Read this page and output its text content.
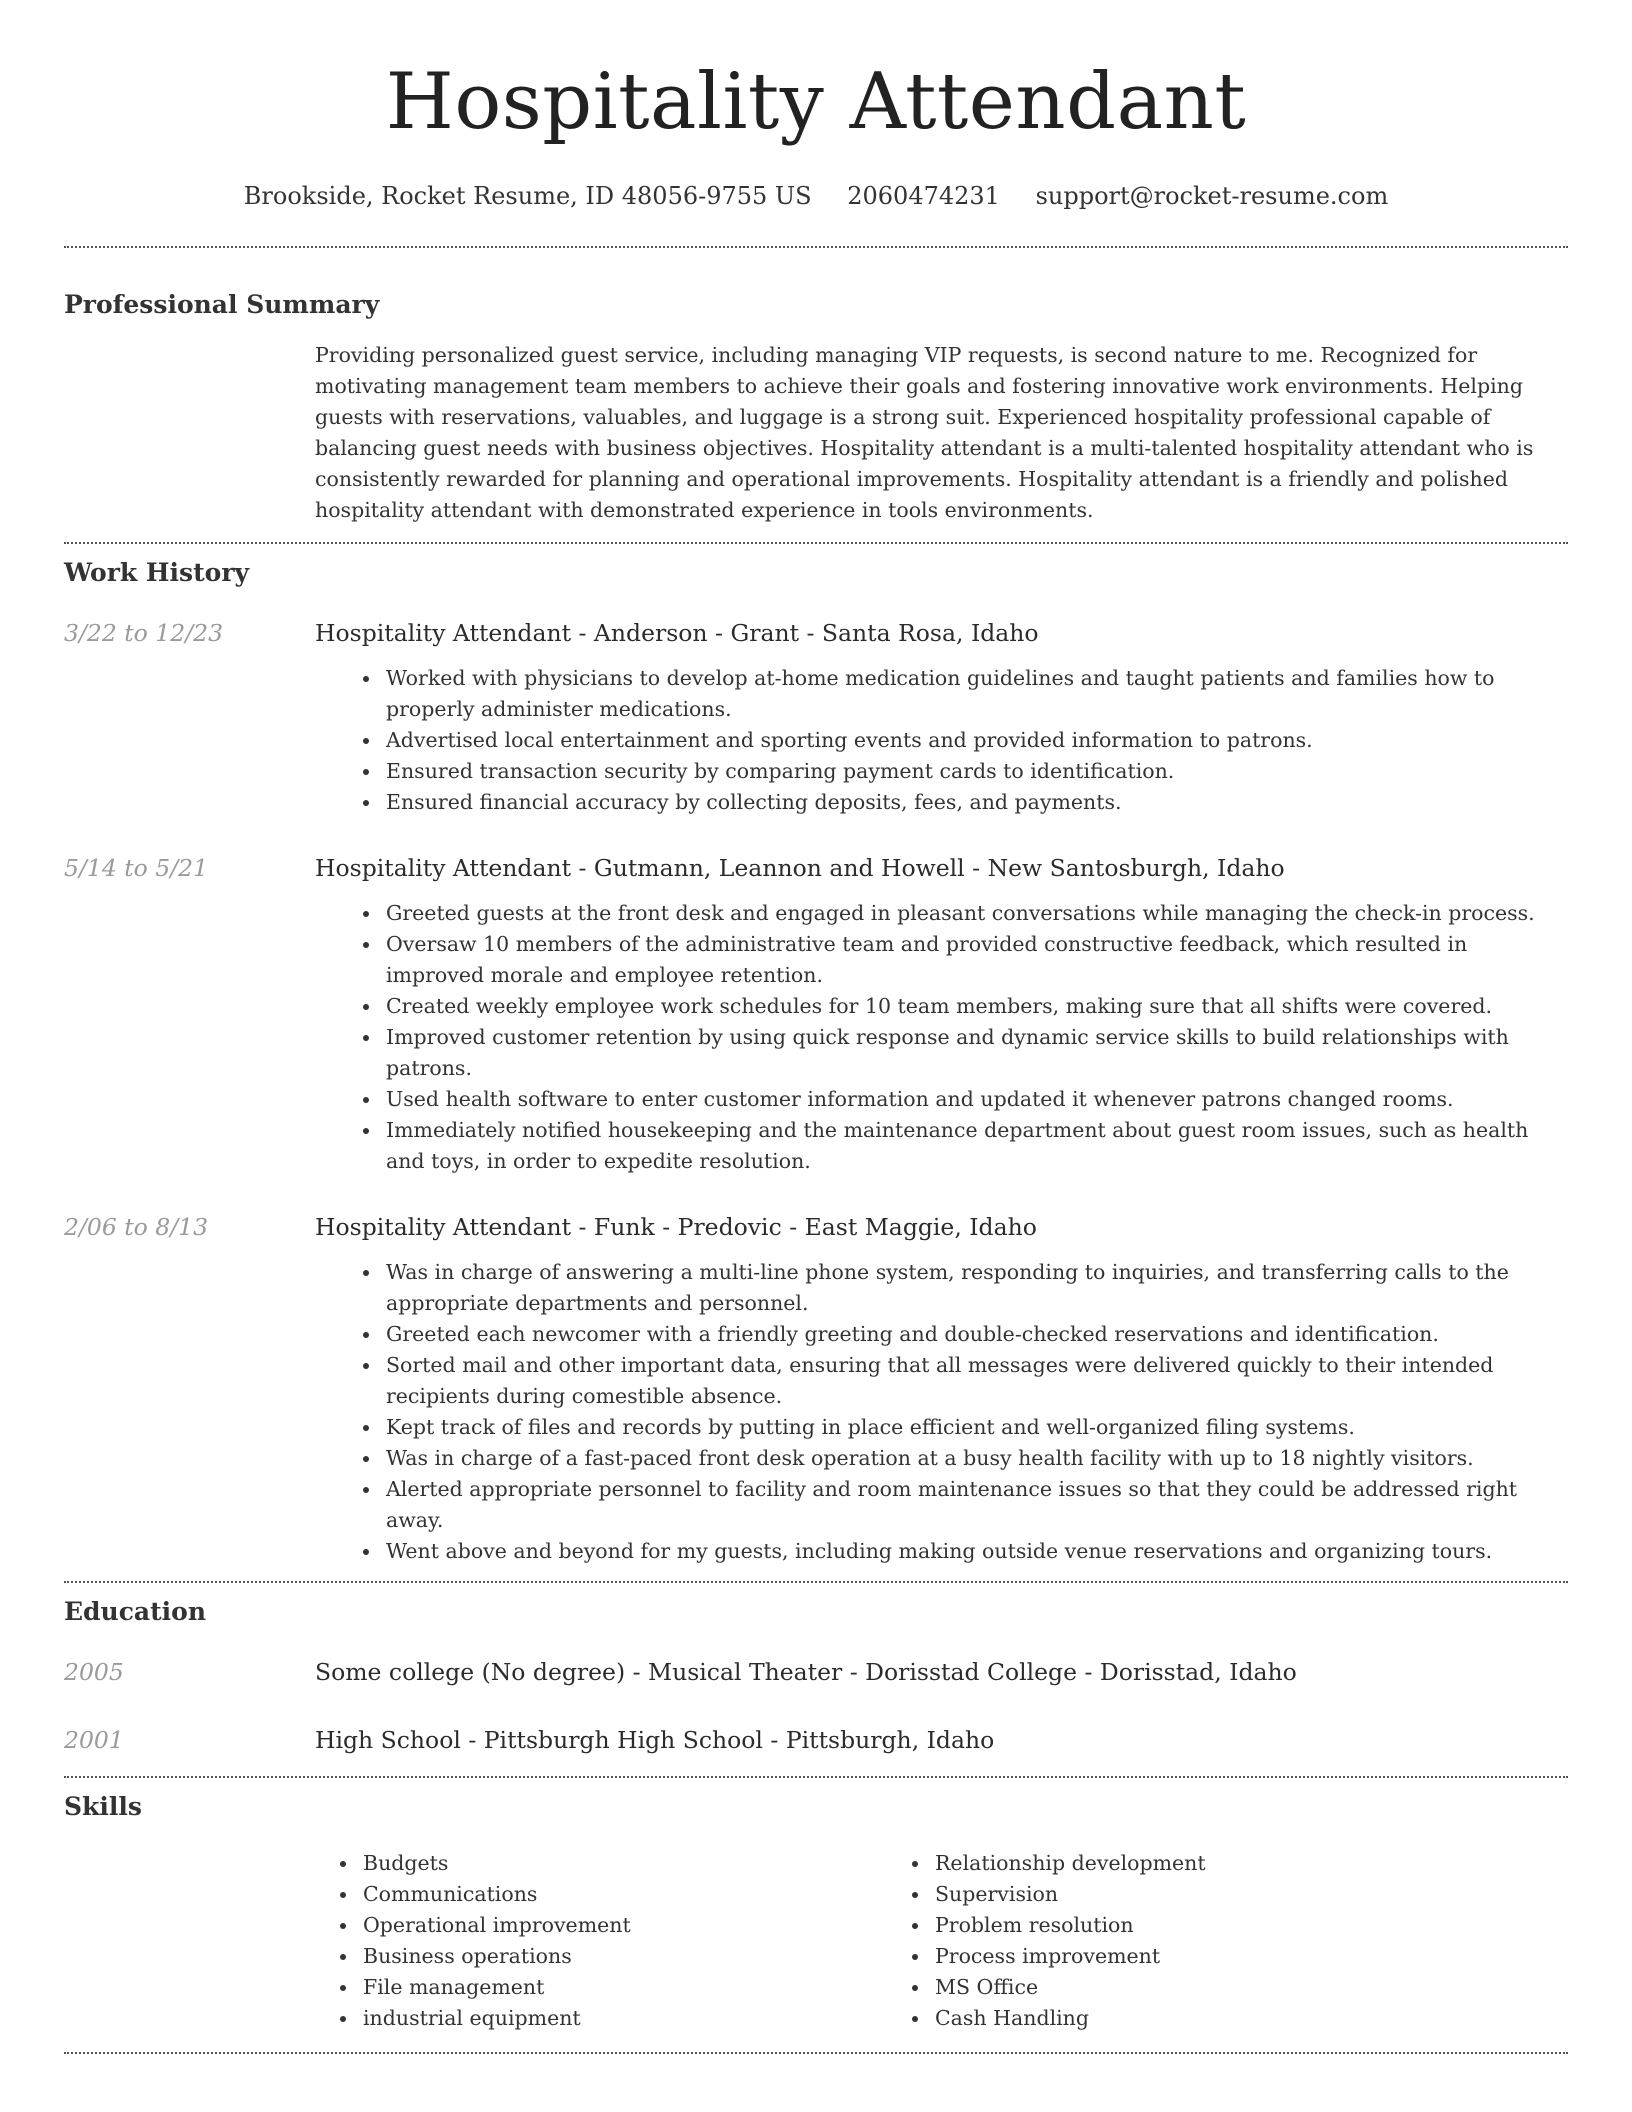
Hospitality Attendant
Brookside, Rocket Resume, ID 48056-9755 US 2060474231 support@rocket-resume.com
Professional Summary

Providing personalized guest service, including managing VIP requests, is second nature to me. Recognized for motivating management team members to achieve their goals and fostering innovative work environments. Helping guests with reservations, valuables, and luggage is a strong suit. Experienced hospitality professional capable of balancing guest needs with business objectives. Hospitality attendant is a multi-talented hospitality attendant who is consistently rewarded for planning and operational improvements. Hospitality attendant is a friendly and polished hospitality attendant with demonstrated experience in tools environments.

Work History
3/22 to 12/23	Hospitality Attendant - Anderson - Grant - Santa Rosa, Idaho
• Worked with physicians to develop at-home medication guidelines and taught patients and families how to properly administer medications.
• Advertised local entertainment and sporting events and provided information to patrons.
• Ensured transaction security by comparing payment cards to identification.
• Ensured financial accuracy by collecting deposits, fees, and payments.
5/14 to 5/21	Hospitality Attendant - Gutmann, Leannon and Howell - New Santosburgh, Idaho
• Greeted guests at the front desk and engaged in pleasant conversations while managing the check-in process.
• Oversaw 10 members of the administrative team and provided constructive feedback, which resulted in improved morale and employee retention.
• Created weekly employee work schedules for 10 team members, making sure that all shifts were covered.
• Improved customer retention by using quick response and dynamic service skills to build relationships with patrons.
• Used health software to enter customer information and updated it whenever patrons changed rooms.
• Immediately notified housekeeping and the maintenance department about guest room issues, such as health and toys, in order to expedite resolution.
2/06 to 8/13	Hospitality Attendant - Funk - Predovic - East Maggie, Idaho
• Was in charge of answering a multi-line phone system, responding to inquiries, and transferring calls to the appropriate departments and personnel.
• Greeted each newcomer with a friendly greeting and double-checked reservations and identification.
• Sorted mail and other important data, ensuring that all messages were delivered quickly to their intended recipients during comestible absence.
• Kept track of files and records by putting in place efficient and well-organized filing systems.
• Was in charge of a fast-paced front desk operation at a busy health facility with up to 18 nightly visitors.
• Alerted appropriate personnel to facility and room maintenance issues so that they could be addressed right away.
• Went above and beyond for my guests, including making outside venue reservations and organizing tours.
Education
2005	Some college (No degree) - Musical Theater - Dorisstad College - Dorisstad, Idaho
2001	High School - Pittsburgh High School - Pittsburgh, Idaho
Skills
• Budgets
• Communications
• Operational improvement
• Business operations
• File management
• industrial equipment
• Relationship development
• Supervision
• Problem resolution
• Process improvement
• MS Office
• Cash Handling
